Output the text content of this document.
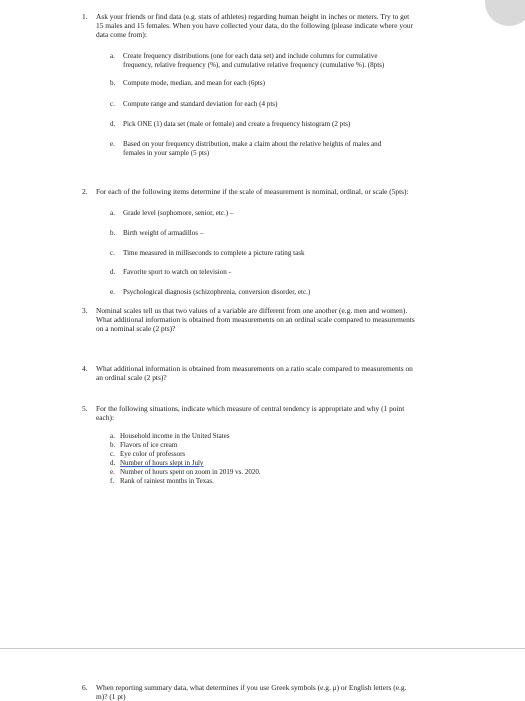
1. Ask your friends or find data (e.g. stats of athletes) regarding human height in inches or meters. Try to get
15 males and 15 females. When you have collected your data, do the following (please indicate where your
data come from):
a. Create frequency distributions (one for each data set) and include columns for cumulative
frequency, relative frequency (%), and cumulative relative frequency (cumulative %). (8pts)
b. Compute mode, median, and mean for each (6pts)
c. Compute range and standard deviation for each (4 pts)
d. Pick ONE (1) data set (male or female) and create a frequency histogram (2 pts)
e. Based on your frequency distribution, make a claim about the relative heights of males and
females in your sample (5 pts)
2. For each of the following items determine if the scale of measurement is nominal, ordinal, or scale (5pts):
a. Grade level (sophomore, senior, etc.) –
b. Birth weight of armadillos –
c. Time measured in milliseconds to complete a picture rating task
d. Favorite sport to watch on television -
e. Psychological diagnosis (schizophrenia, conversion disorder, etc.)
3. Nominal scales tell us that two values of a variable are different from one another (e.g. men and women).
What additional information is obtained from measurements on an ordinal scale compared to measurements
on a nominal scale (2 pts)?
4. What additional information is obtained from measurements on a ratio scale compared to measurements on
an ordinal scale (2 pts)?
5. For the following situations, indicate which measure of central tendency is appropriate and why (1 point
each):
a. Household income in the United States
b. Flavors of ice cream
c. Eye color of professors
d. Number of hours slept in July
e. Number of hours spent on zoom in 2019 vs. 2020.
f. Rank of rainiest months in Texas.
6. When reporting summary data, what determines if you use Greek symbols (e.g. μ) or English letters (e.g.
m)? (1 pt)
